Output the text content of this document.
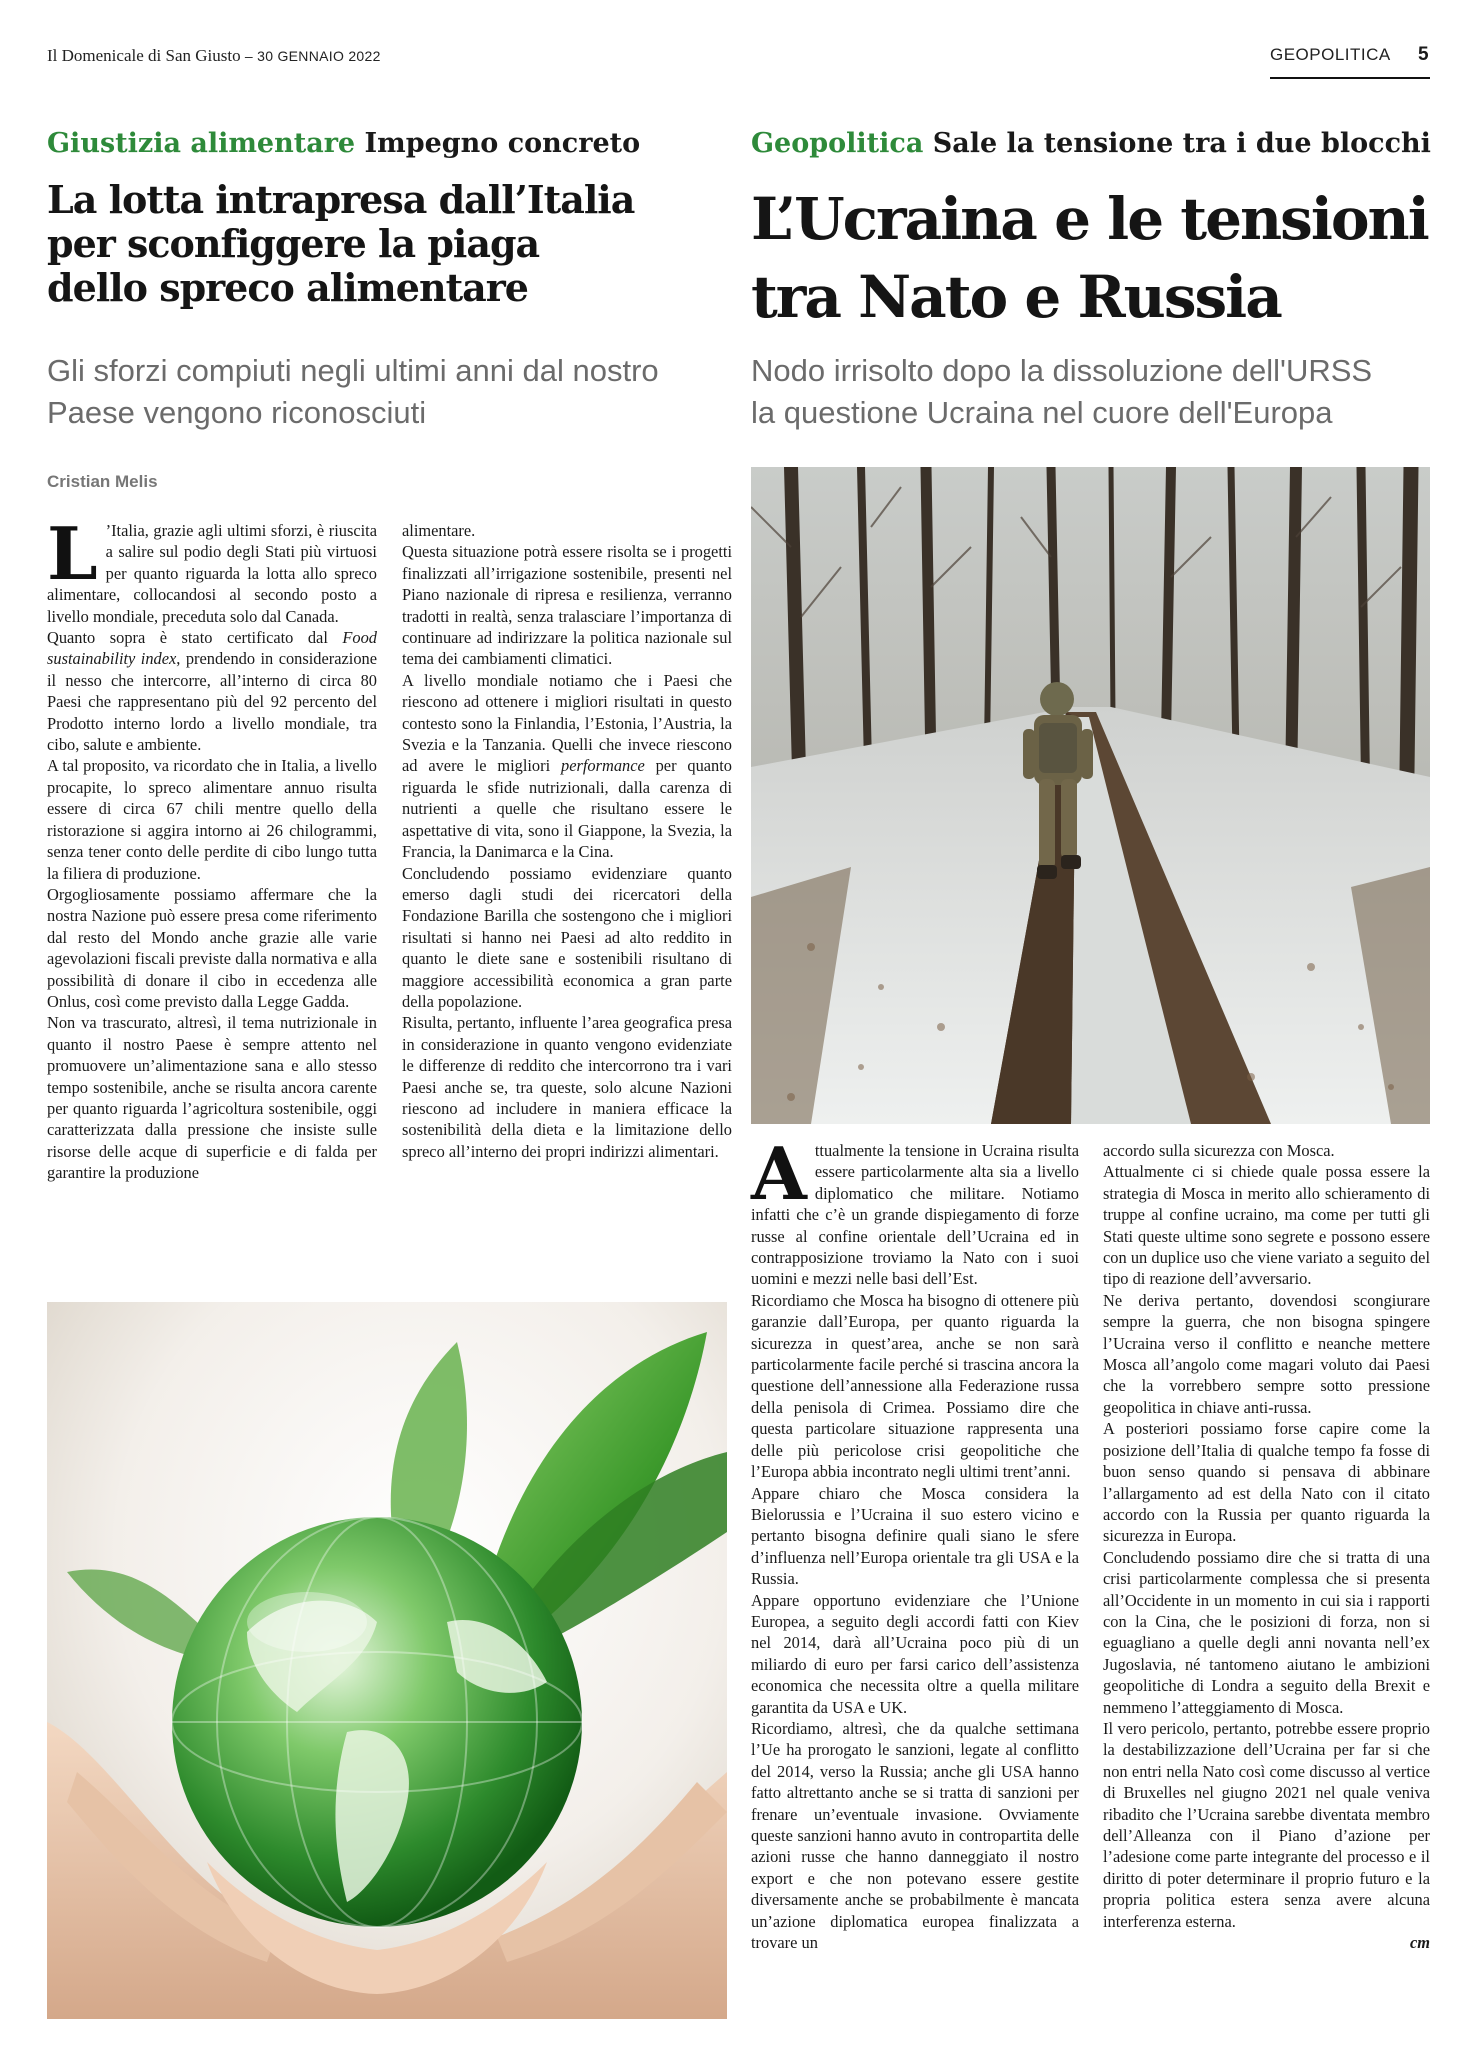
Il Domenicale di San Giusto – 30 GENNAIO 2022	GEOPOLITICA 5
Giustizia alimentare Impegno concreto
La lotta intrapresa dall’Italia
per sconfiggere la piaga
dello spreco alimentare
Gli sforzi compiuti negli ultimi anni dal nostro
Paese vengono riconosciuti
Cristian Melis

L ’Italia, grazie agli ultimi sforzi, è riuscita a salire sul podio degli Stati più virtuosi per quanto riguarda la lotta allo spreco alimentare, collocandosi al secondo posto a livello mondiale, preceduta solo dal Canada.

Quanto sopra è stato certificato dal Food sustainability index, prendendo in considerazione il nesso che intercorre, all’interno di circa 80 Paesi che rappresentano più del 92 percento del Prodotto interno lordo a livello mondiale, tra cibo, salute e ambiente.

A tal proposito, va ricordato che in Italia, a livello procapite, lo spreco alimentare annuo risulta essere di circa 67 chili mentre quello della ristorazione si aggira intorno ai 26 chilogrammi, senza tener conto delle perdite di cibo lungo tutta la filiera di produzione.

Orgogliosamente possiamo affermare che la nostra Nazione può essere presa come riferimento dal resto del Mondo anche grazie alle varie agevolazioni fiscali previste dalla normativa e alla possibilità di donare il cibo in eccedenza alle Onlus, così come previsto dalla Legge Gadda.

Non va trascurato, altresì, il tema nutrizionale in quanto il nostro Paese è sempre attento nel promuovere un’alimentazione sana e allo stesso tempo sostenibile, anche se risulta ancora carente per quanto riguarda l’agricoltura sostenibile, oggi caratterizzata dalla pressione che insiste sulle risorse delle acque di superficie e di falda per garantire la produzione

alimentare.

Questa situazione potrà essere risolta se i progetti finalizzati all’irrigazione sostenibile, presenti nel Piano nazionale di ripresa e resilienza, verranno tradotti in realtà, senza tralasciare l’importanza di continuare ad indirizzare la politica nazionale sul tema dei cambiamenti climatici.

A livello mondiale notiamo che i Paesi che riescono ad ottenere i migliori risultati in questo contesto sono la Finlandia, l’Estonia, l’Austria, la Svezia e la Tanzania. Quelli che invece riescono ad avere le migliori performance per quanto riguarda le sfide nutrizionali, dalla carenza di nutrienti a quelle che risultano essere le aspettative di vita, sono il Giappone, la Svezia, la Francia, la Danimarca e la Cina.

Concludendo possiamo evidenziare quanto emerso dagli studi dei ricercatori della Fondazione Barilla che sostengono che i migliori risultati si hanno nei Paesi ad alto reddito in quanto le diete sane e sostenibili risultano di maggiore accessibilità economica a gran parte della popolazione.

Risulta, pertanto, influente l’area geografica presa in considerazione in quanto vengono evidenziate le differenze di reddito che intercorrono tra i vari Paesi anche se, tra queste, solo alcune Nazioni riescono ad includere in maniera efficace la sostenibilità della dieta e la limitazione dello spreco all’interno dei propri indirizzi alimentari.

Geopolitica Sale la tensione tra i due blocchi
L’Ucraina e le tensioni
tra Nato e Russia
Nodo irrisolto dopo la dissoluzione dell'URSS
la questione Ucraina nel cuore dell'Europa

Attualmente la tensione in Ucraina risulta essere particolarmente alta sia a livello diplomatico che militare. Notiamo infatti che c’è un grande dispiegamento di forze russe al confine orientale dell’Ucraina ed in contrapposizione troviamo la Nato con i suoi uomini e mezzi nelle basi dell’Est.

Ricordiamo che Mosca ha bisogno di ottenere più garanzie dall’Europa, per quanto riguarda la sicurezza in quest’area, anche se non sarà particolarmente facile perché si trascina ancora la questione dell’annessione alla Federazione russa della penisola di Crimea. Possiamo dire che questa particolare situazione rappresenta una delle più pericolose crisi geopolitiche che l’Europa abbia incontrato negli ultimi trent’anni.

Appare chiaro che Mosca considera la Bielorussia e l’Ucraina il suo estero vicino e pertanto bisogna definire quali siano le sfere d’influenza nell’Europa orientale tra gli USA e la Russia.

Appare opportuno evidenziare che l’Unione Europea, a seguito degli accordi fatti con Kiev nel 2014, darà all’Ucraina poco più di un miliardo di euro per farsi carico dell’assistenza economica che necessita oltre a quella militare garantita da USA e UK.

Ricordiamo, altresì, che da qualche settimana l’Ue ha prorogato le sanzioni, legate al conflitto del 2014, verso la Russia; anche gli USA hanno fatto altrettanto anche se si tratta di sanzioni per frenare un’eventuale invasione. Ovviamente queste sanzioni hanno avuto in contropartita delle azioni russe che hanno danneggiato il nostro export e che non potevano essere gestite diversamente anche se probabilmente è mancata un’azione diplomatica europea finalizzata a trovare un

accordo sulla sicurezza con Mosca.

Attualmente ci si chiede quale possa essere la strategia di Mosca in merito allo schieramento di truppe al confine ucraino, ma come per tutti gli Stati queste ultime sono segrete e possono essere con un duplice uso che viene variato a seguito del tipo di reazione dell’avversario.

Ne deriva pertanto, dovendosi scongiurare sempre la guerra, che non bisogna spingere l’Ucraina verso il conflitto e neanche mettere Mosca all’angolo come magari voluto dai Paesi che la vorrebbero sempre sotto pressione geopolitica in chiave anti-russa.

A posteriori possiamo forse capire come la posizione dell’Italia di qualche tempo fa fosse di buon senso quando si pensava di abbinare l’allargamento ad est della Nato con il citato accordo con la Russia per quanto riguarda la sicurezza in Europa.

Concludendo possiamo dire che si tratta di una crisi particolarmente complessa che si presenta all’Occidente in un momento in cui sia i rapporti con la Cina, che le posizioni di forza, non si eguagliano a quelle degli anni novanta nell’ex Jugoslavia, né tantomeno aiutano le ambizioni geopolitiche di Londra a seguito della Brexit e nemmeno l’atteggiamento di Mosca.

Il vero pericolo, pertanto, potrebbe essere proprio la destabilizzazione dell’Ucraina per far si che non entri nella Nato così come discusso al vertice di Bruxelles nel giugno 2021 nel quale veniva ribadito che l’Ucraina sarebbe diventata membro dell’Alleanza con il Piano d’azione per l’adesione come parte integrante del processo e il diritto di poter determinare il proprio futuro e la propria politica estera senza avere alcuna interferenza esterna.

cm
